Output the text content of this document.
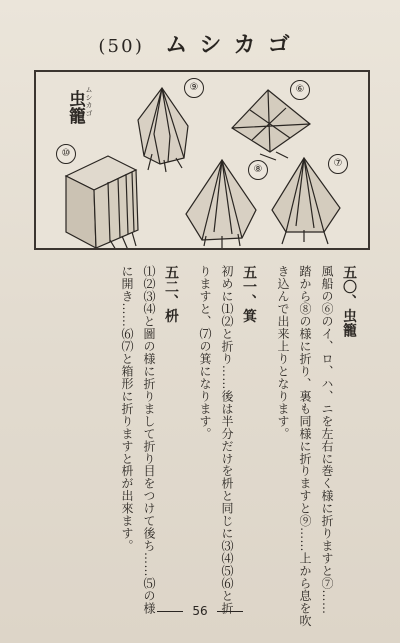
(50) ムシカゴ
虫籠 ムシカゴ	⑨	⑥
⑩
⑧
⑦

五〇、虫籠

風船の⑥のイ、ロ、ハ、ニを左右に巻く様に折りますと⑦……

踏から⑧の様に折り、裏も同様に折りますと⑨……上から息を吹

き込んで出来上りとなります。

五一、箕

初めに⑴⑵と折り……後は半分だけを枡と同じに⑶⑷⑸⑹と折

りますと、⑺の箕になります。

五二、枡

⑴⑵⑶⑷と圖の様に折りまして折り目をつけて後ち……⑸の様

に開き……⑹⑺と箱形に折りますと枡が出來ます。

56
